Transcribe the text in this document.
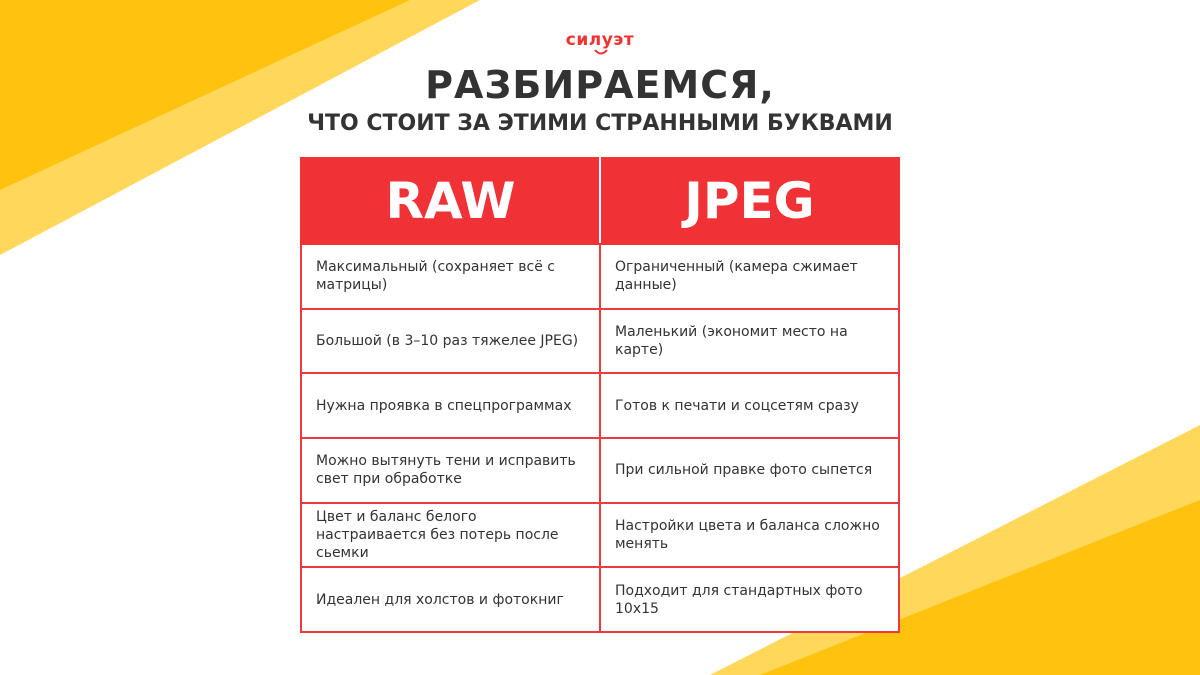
силуэт
РАЗБИРАЕМСЯ,
ЧТО СТОИТ ЗА ЭТИМИ СТРАННЫМИ БУКВАМИ
RAW	JPEG
Максимальный (сохраняет всё с матрицы)	Ограниченный (камера сжимает данные)
Большой (в 3–10 раз тяжелее JPEG)	Маленький (экономит место на карте)
Нужна проявка в спецпрограммах	Готов к печати и соцсетям сразу
Можно вытянуть тени и исправить свет при обработке	При сильной правке фото сыпется
Цвет и баланс белого настраивается без потерь после сьемки	Настройки цвета и баланса сложно менять
Идеален для холстов и фотокниг	Подходит для стандартных фото 10х15
